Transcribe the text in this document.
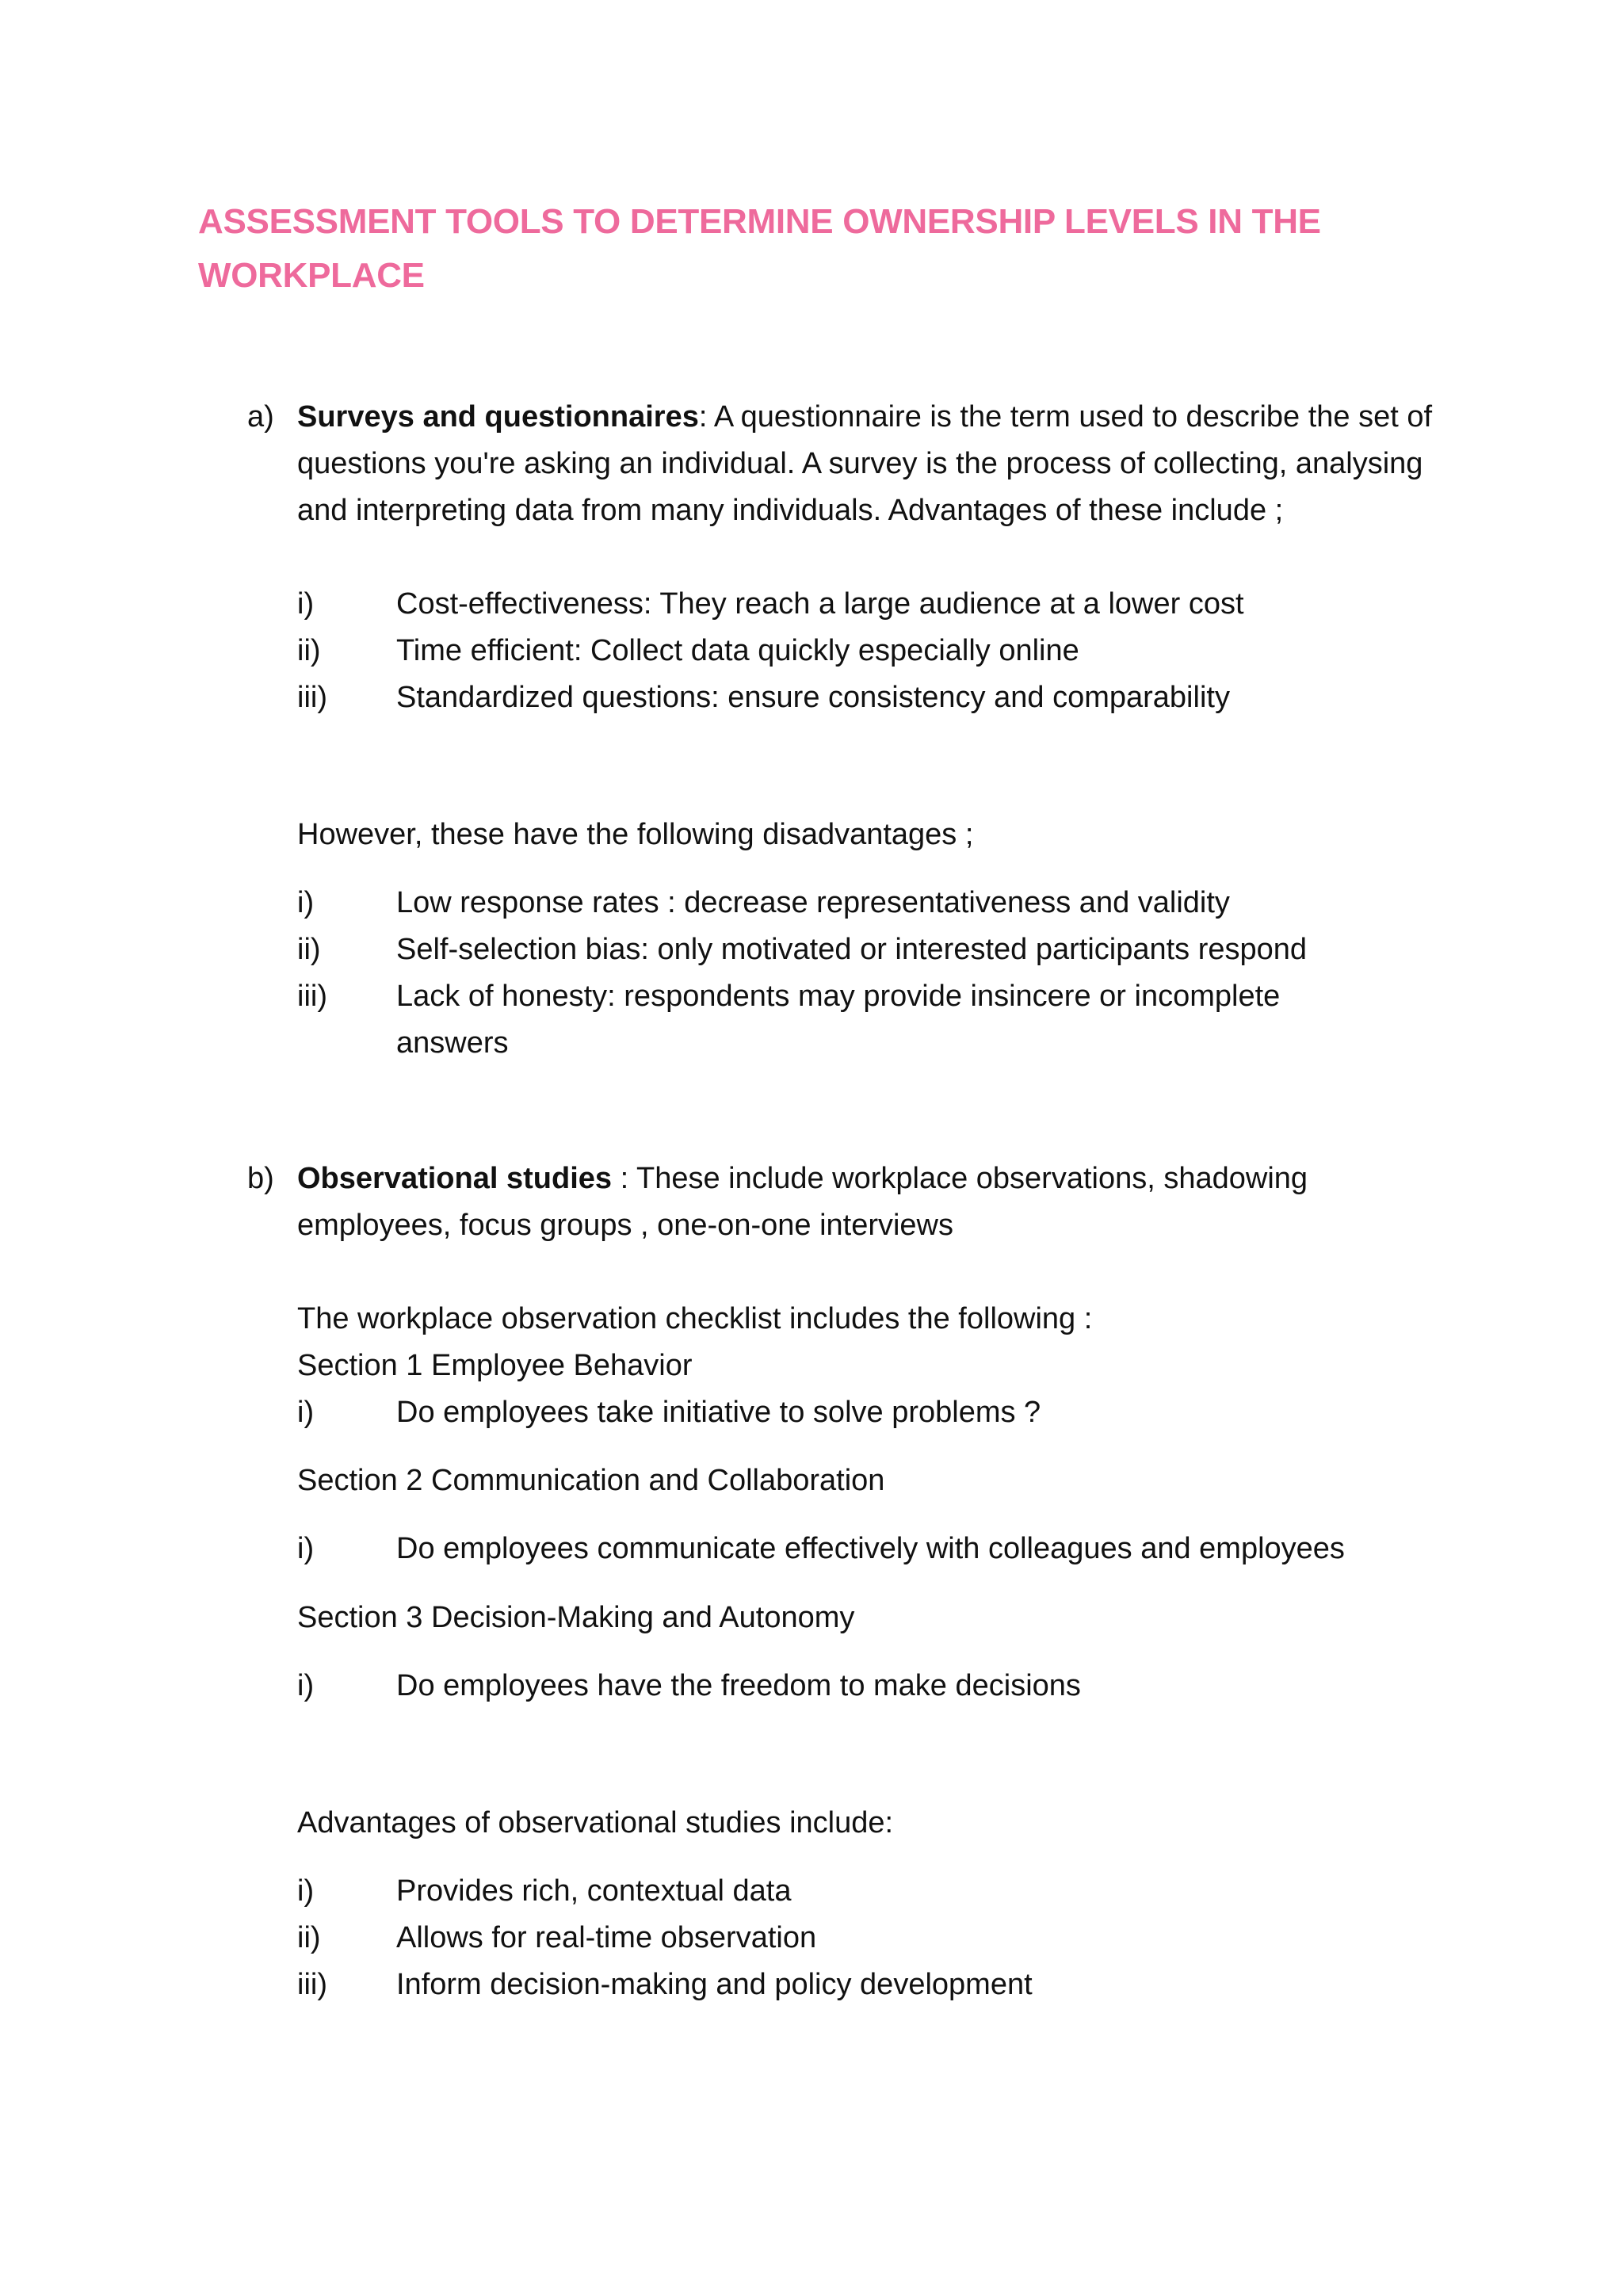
ASSESSMENT TOOLS TO DETERMINE OWNERSHIP LEVELS IN THE WORKPLACE
a) Surveys and questionnaires: A questionnaire is the term used to describe the set of questions you're asking an individual. A survey is the process of collecting, analysing and interpreting data from many individuals. Advantages of these include ;
i)	Cost-effectiveness: They reach a large audience at a lower cost
ii)	Time efficient: Collect data quickly especially online
iii) Standardized questions: ensure consistency and comparability
However, these have the following disadvantages ;
i)	Low response rates : decrease representativeness and validity
ii)	Self-selection bias: only motivated or interested participants respond
iii) Lack of honesty: respondents may provide insincere or incomplete answers
b) Observational studies : These include workplace observations, shadowing employees, focus groups , one-on-one interviews
The workplace observation checklist includes the following :
Section 1 Employee Behavior
i)	Do employees take initiative to solve problems ?
Section 2 Communication and Collaboration
i)	Do employees communicate effectively with colleagues and employees
Section 3 Decision-Making and Autonomy
i)	Do employees have the freedom to make decisions
Advantages of observational studies include:
i)	Provides rich, contextual data
ii)	Allows for real-time observation
iii) Inform decision-making and policy development
